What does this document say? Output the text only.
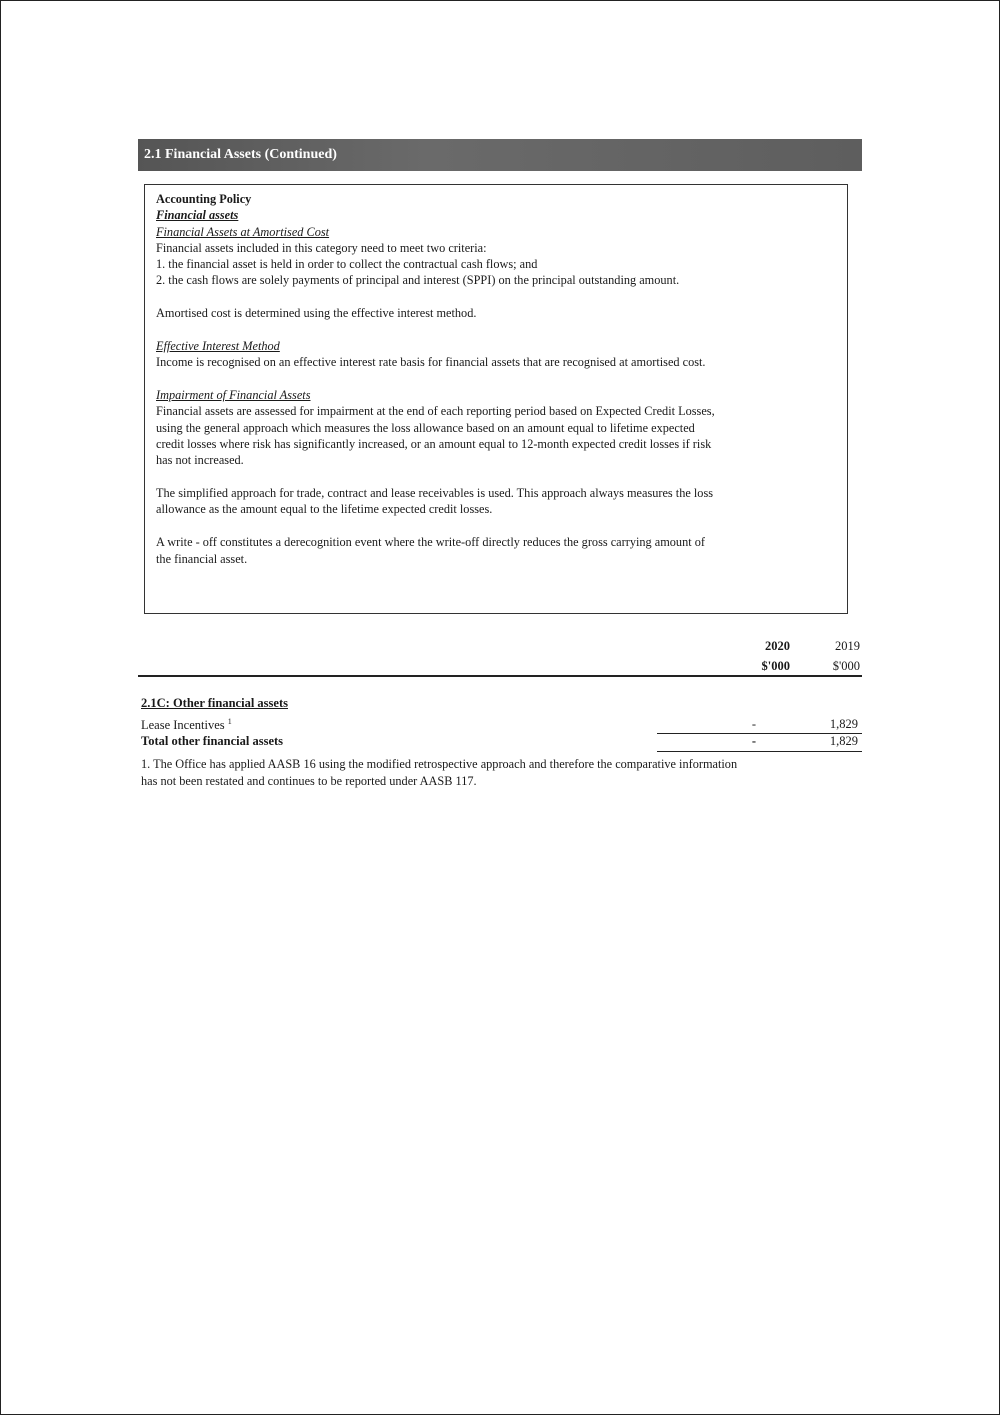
2.1 Financial Assets (Continued)

Accounting Policy

Financial assets

Financial Assets at Amortised Cost

Financial assets included in this category need to meet two criteria:

1. the financial asset is held in order to collect the contractual cash flows; and

2. the cash flows are solely payments of principal and interest (SPPI) on the principal outstanding amount.

Amortised cost is determined using the effective interest method.

Effective Interest Method

Income is recognised on an effective interest rate basis for financial assets that are recognised at amortised cost.

Impairment of Financial Assets

Financial assets are assessed for impairment at the end of each reporting period based on Expected Credit Losses,

using the general approach which measures the loss allowance based on an amount equal to lifetime expected

credit losses where risk has significantly increased, or an amount equal to 12-month expected credit losses if risk

has not increased.

The simplified approach for trade, contract and lease receivables is used. This approach always measures the loss

allowance as the amount equal to the lifetime expected credit losses.

A write - off constitutes a derecognition event where the write-off directly reduces the gross carrying amount of

the financial asset.

2020	2019
$'000	$'000
2.1C: Other financial assets
Lease Incentives $^1$	-	1,829
Total other financial assets	-	1,829

1. The Office has applied AASB 16 using the modified retrospective approach and therefore the comparative information

has not been restated and continues to be reported under AASB 117.
